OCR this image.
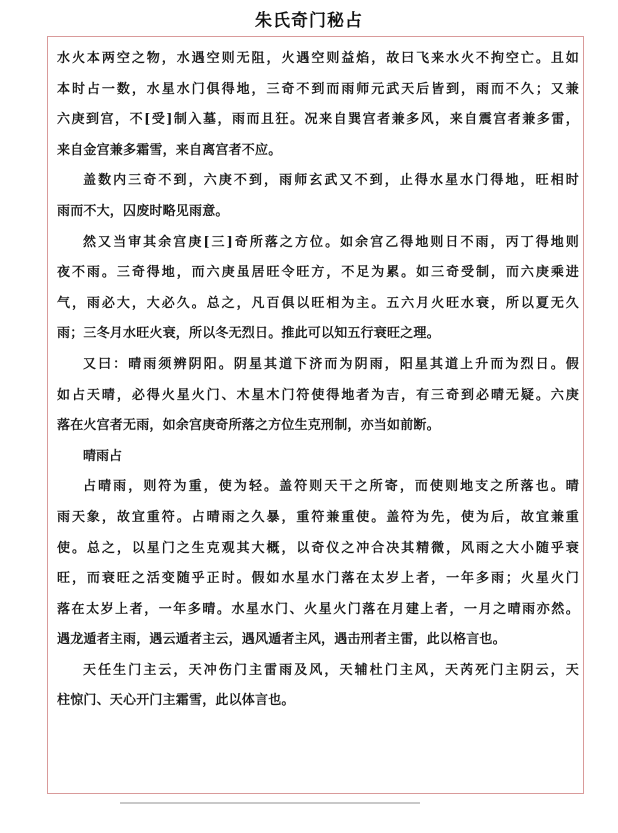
朱氏奇门秘占
水火本两空之物，水遇空则无阻，火遇空则益焰，故曰飞来水火不拘空亡。且如
本时占一数，水星水门俱得地，三奇不到而雨师元武天后皆到，雨而不久；又兼
六庚到宫，不[受]制入墓，雨而且狂。况来自巽宫者兼多风，来自震宫者兼多雷，
来自金宫兼多霜雪，来自离宫者不应。
盖数内三奇不到，六庚不到，雨师玄武又不到，止得水星水门得地，旺相时
雨而不大，囚废时略见雨意。
然又当审其余宫庚[三]奇所落之方位。如余宫乙得地则日不雨，丙丁得地则
夜不雨。三奇得地，而六庚虽居旺令旺方，不足为累。如三奇受制，而六庚乘进
气，雨必大，大必久。总之，凡百俱以旺相为主。五六月火旺水衰，所以夏无久
雨；三冬月水旺火衰，所以冬无烈日。推此可以知五行衰旺之理。
又曰：晴雨须辨阴阳。阴星其道下济而为阴雨，阳星其道上升而为烈日。假
如占天晴，必得火星火门、木星木门符使得地者为吉，有三奇到必晴无疑。六庚
落在火宫者无雨，如余宫庚奇所落之方位生克刑制，亦当如前断。
晴雨占
占晴雨，则符为重，使为轻。盖符则天干之所寄，而使则地支之所落也。晴
雨天象，故宜重符。占晴雨之久暴，重符兼重使。盖符为先，使为后，故宜兼重
使。总之，以星门之生克观其大概，以奇仪之冲合决其精微，风雨之大小随乎衰
旺，而衰旺之活变随乎正时。假如水星水门落在太岁上者，一年多雨；火星火门
落在太岁上者，一年多晴。水星水门、火星火门落在月建上者，一月之晴雨亦然。
遇龙遁者主雨，遇云遁者主云，遇风遁者主风，遇击刑者主雷，此以格言也。
天任生门主云，天冲伤门主雷雨及风，天辅杜门主风，天芮死门主阴云，天
柱惊门、天心开门主霜雪，此以体言也。
